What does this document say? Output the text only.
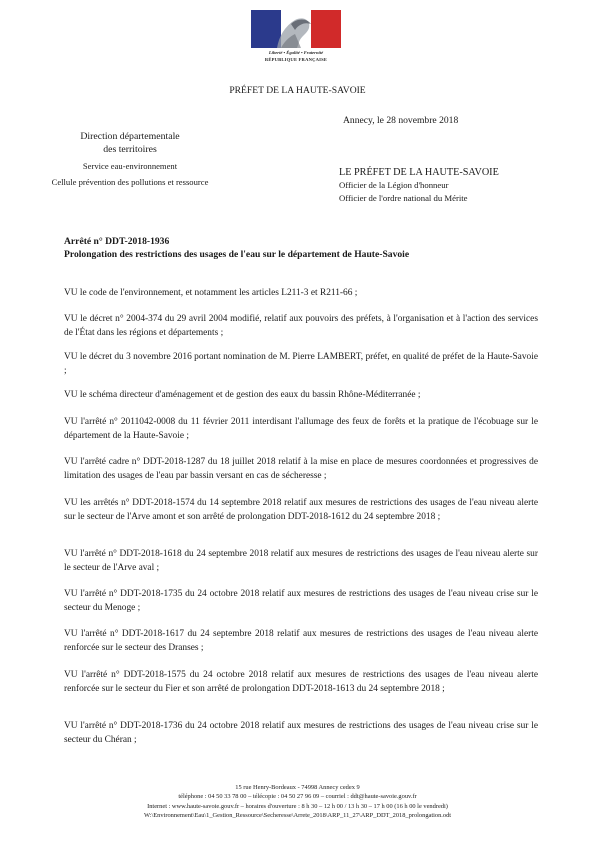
Liberté • Égalité • Fraternité
RÉPUBLIQUE FRANÇAISE
PRÉFET DE LA HAUTE-SAVOIE
Annecy, le 28 novembre 2018
Direction départementale
des territoires
Service eau-environnement
Cellule prévention des pollutions et ressource
LE PRÉFET DE LA HAUTE-SAVOIE
Officier de la Légion d'honneur
Officier de l'ordre national du Mérite
Arrêté n° DDT-2018-1936
Prolongation des restrictions des usages de l'eau sur le département de Haute-Savoie

VU le code de l'environnement, et notamment les articles L211-3 et R211-66 ;

VU le décret n° 2004-374 du 29 avril 2004 modifié, relatif aux pouvoirs des préfets, à l'organisation et à l'action des services de l'État dans les régions et départements ;

VU le décret du 3 novembre 2016 portant nomination de M. Pierre LAMBERT, préfet, en qualité de préfet de la Haute-Savoie ;

VU le schéma directeur d'aménagement et de gestion des eaux du bassin Rhône-Méditerranée ;

VU l'arrêté n° 2011042-0008 du 11 février 2011 interdisant l'allumage des feux de forêts et la pratique de l'écobuage sur le département de la Haute-Savoie ;

VU l'arrêté cadre n° DDT-2018-1287 du 18 juillet 2018 relatif à la mise en place de mesures coordonnées et progressives de limitation des usages de l'eau par bassin versant en cas de sécheresse ;

VU les arrêtés n° DDT-2018-1574 du 14 septembre 2018 relatif aux mesures de restrictions des usages de l'eau niveau alerte sur le secteur de l'Arve amont et son arrêté de prolongation DDT-2018-1612 du 24 septembre 2018 ;

VU l'arrêté n° DDT-2018-1618 du 24 septembre 2018 relatif aux mesures de restrictions des usages de l'eau niveau alerte sur le secteur de l'Arve aval ;

VU l'arrêté n° DDT-2018-1735 du 24 octobre 2018 relatif aux mesures de restrictions des usages de l'eau niveau crise sur le secteur du Menoge ;

VU l'arrêté n° DDT-2018-1617 du 24 septembre 2018 relatif aux mesures de restrictions des usages de l'eau niveau alerte renforcée sur le secteur des Dranses ;

VU l'arrêté n° DDT-2018-1575 du 24 octobre 2018 relatif aux mesures de restrictions des usages de l'eau niveau alerte renforcée sur le secteur du Fier et son arrêté de prolongation DDT-2018-1613 du 24 septembre 2018 ;

VU l'arrêté n° DDT-2018-1736 du 24 octobre 2018 relatif aux mesures de restrictions des usages de l'eau niveau crise sur le secteur du Chéran ;

15 rue Henry-Bordeaux - 74998 Annecy cedex 9
téléphone : 04 50 33 78 00 – télécopie : 04 50 27 96 09 – courriel : ddt@haute-savoie.gouv.fr
Internet : www.haute-savoie.gouv.fr – horaires d'ouverture : 8 h 30 – 12 h 00 / 13 h 30 – 17 h 00 (16 h 00 le vendredi)
W:\Environnement\Eau\1_Gestion_Ressource\Secheresse\Arrete_2018\ARP_11_27\ARP_DDT_2018_prolongation.odt
